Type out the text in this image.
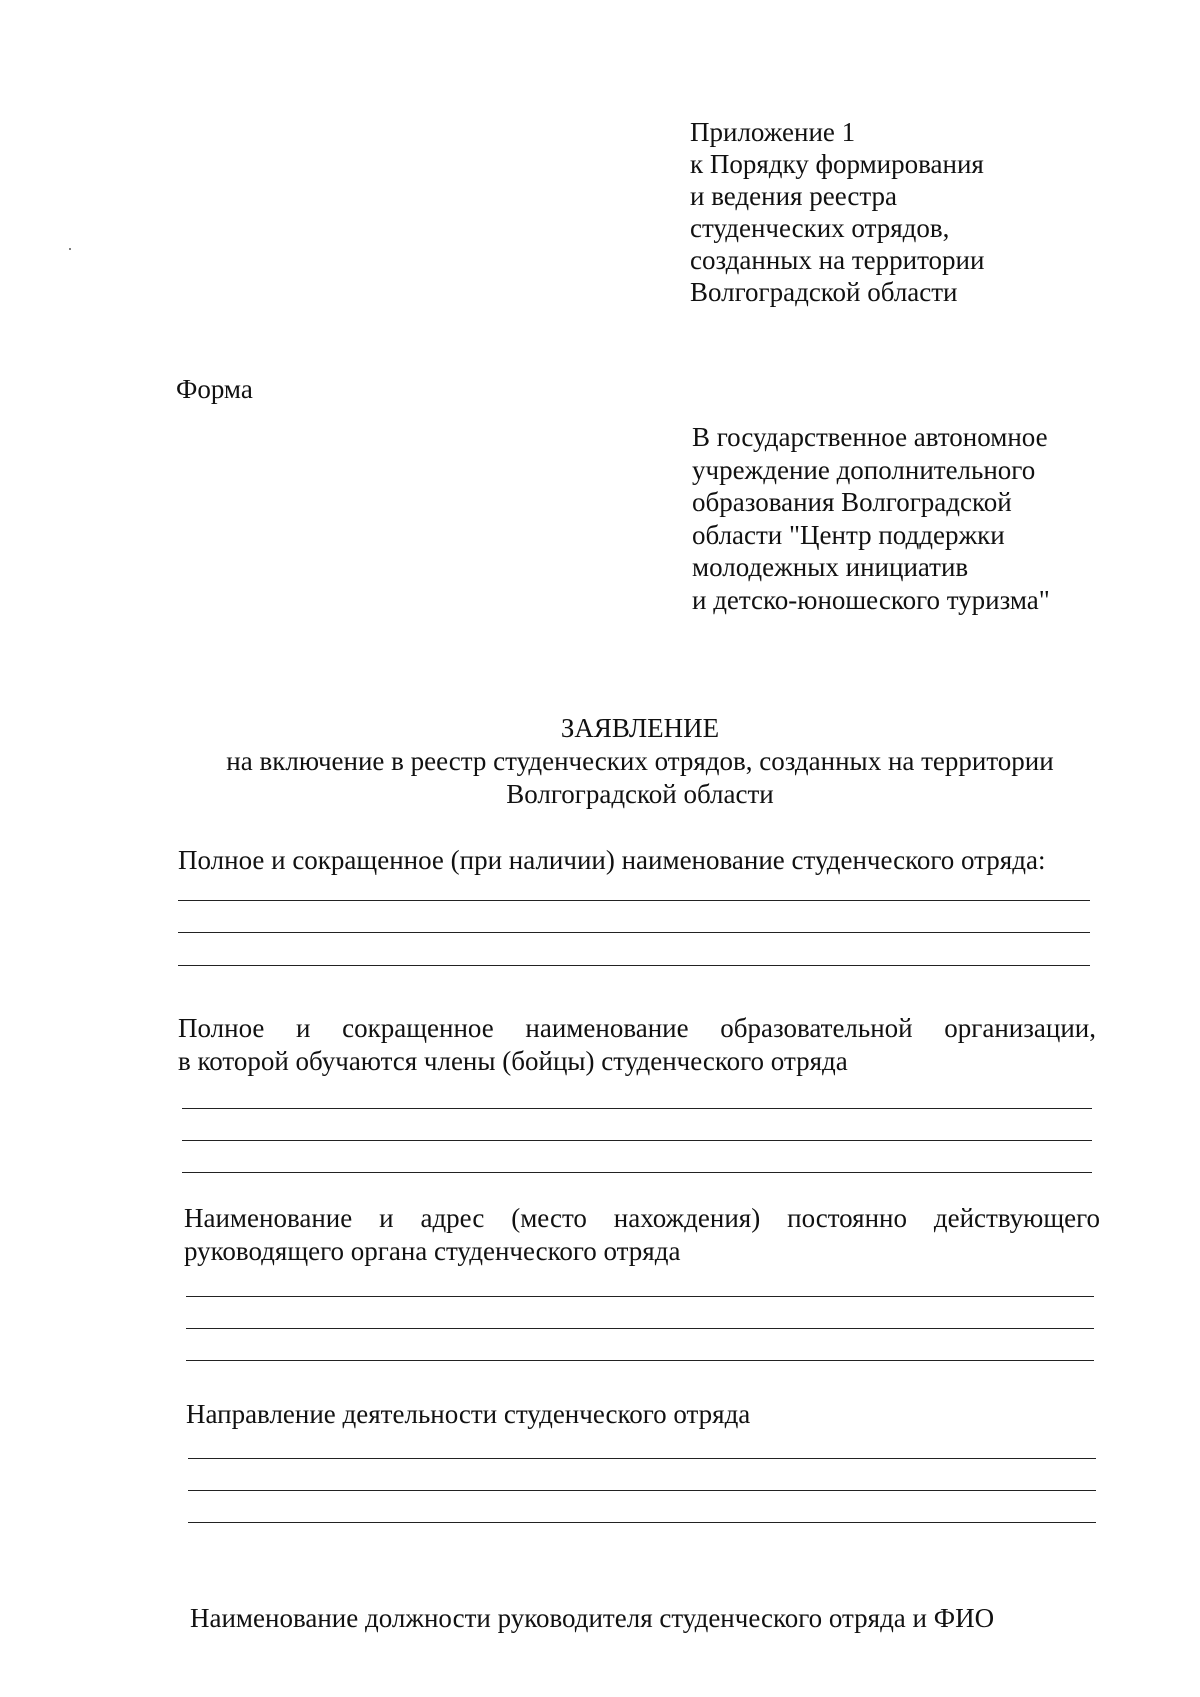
Приложение 1
к Порядку формирования
и ведения реестра
студенческих отрядов,
созданных на территории
Волгоградской области
Форма
В государственное автономное
учреждение дополнительного
образования Волгоградской
области "Центр поддержки
молодежных инициатив
и детско-юношеского туризма"
ЗАЯВЛЕНИЕ
на включение в реестр студенческих отрядов, созданных на территории
Волгоградской области
Полное и сокращенное (при наличии) наименование студенческого отряда:
Полное и сокращенное наименование образовательной организации,
в которой обучаются члены (бойцы) студенческого отряда
Наименование и адрес (место нахождения) постоянно действующего
руководящего органа студенческого отряда
Направление деятельности студенческого отряда
Наименование должности руководителя студенческого отряда и ФИО
